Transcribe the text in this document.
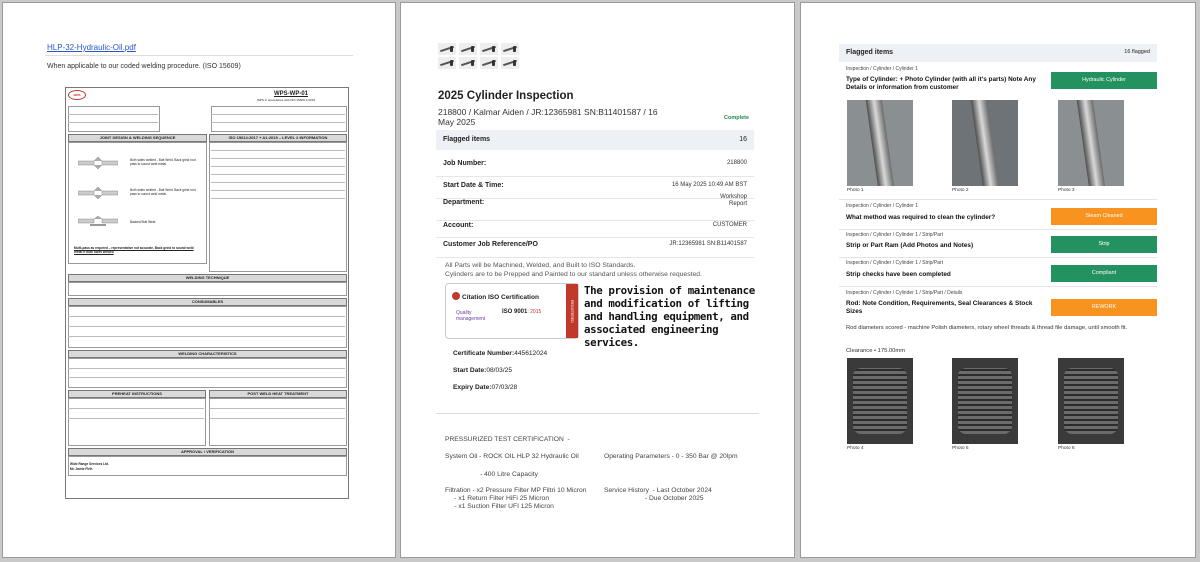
HLP-32-Hydraulic-Oil.pdf
When applicable to our coded welding procedure. (ISO 15609)
WRS	WPS-WP-01
WPS in accordance with ISO 15609-1:2019
JOINT DESIGN & WELDING SEQUENCE	ISO 15614:2017 + A1:2019 – LEVEL 2 INFORMATION
Both sides welded - Butt Weld. Back grind root pass to sound weld metal.
Both sides welded - Butt Weld. Back grind root pass to sound weld metal.
Backed Butt Weld.
Multi-pass as required – representative not accurate. Back grind to sound weld metal if both sides welded
WELDING TECHNIQUE
CONSUMABLES
WELDING CHARACTERISTICS
PREHEAT INSTRUCTIONS	POST WELD HEAT TREATMENT
APPROVAL / VERIFICATION
Wide Range Services Ltd.
Mr. Jamie Firth
2025 Cylinder Inspection
218800 / Kalmar Aiden / JR:12365981 SN:B11401587 / 16 May 2025	Complete
Flagged items	16
Job Number:	218800
Start Date & Time:	16 May 2025 10:49 AM BST
Department:
Workshop
Report
Account:	CUSTOMER
Customer Job Reference/PO	JR:12365981 SN:B11401587
All Parts will be Machined, Welded, and Built to ISO Standards.
Cylinders are to be Prepped and Painted to our standard unless otherwise requested.
Citation ISO Certification
Quality management
ISO 9001: 2015	REGISTERED
The provision of maintenance and modification of lifting and handling equipment, and associated engineering services.
Certificate Number:445612024
Start Date:08/03/25
Expiry Date:07/03/28
PRESSURIZED TEST CERTIFICATION  -
System Oil - ROCK OIL HLP 32 Hydraulic Oil
- 400 Litre Capacity
Operating Parameters - 0 - 350 Bar @ 20lpm
Filtration - x2 Pressure Filter MP Filtri 10 Micron
- x1 Return Filter HiFi 25 Micron
- x1 Suction Filter UFI 125 Micron
Service History  - Last October 2024
- Due October 2025
Flagged items	16 flagged
Inspection / Cylinder / Cylinder 1
Type of Cylinder: + Photo Cylinder (with all it's parts) Note Any Details or information from customer
Hydraulic Cylinder
Photo 1	Photo 2	Photo 3
Inspection / Cylinder / Cylinder 1
What method was required to clean the cylinder?	Steam Cleaned
Inspection / Cylinder / Cylinder 1 / Strip/Part
Strip or Part Ram (Add Photos and Notes)	Strip
Inspection / Cylinder / Cylinder 1 / Strip/Part
Strip checks have been completed	Compliant
Inspection / Cylinder / Cylinder 1 / Strip/Part / Details
Rod: Note Condition, Requirements, Seal Clearances & Stock Sizes
REWORK
Rod diameters scored - machine Polish diameters, rotary wheel threads & thread file damage, until smooth fit.
Clearance • 175.00mm
Photo 4	Photo 5	Photo 6
